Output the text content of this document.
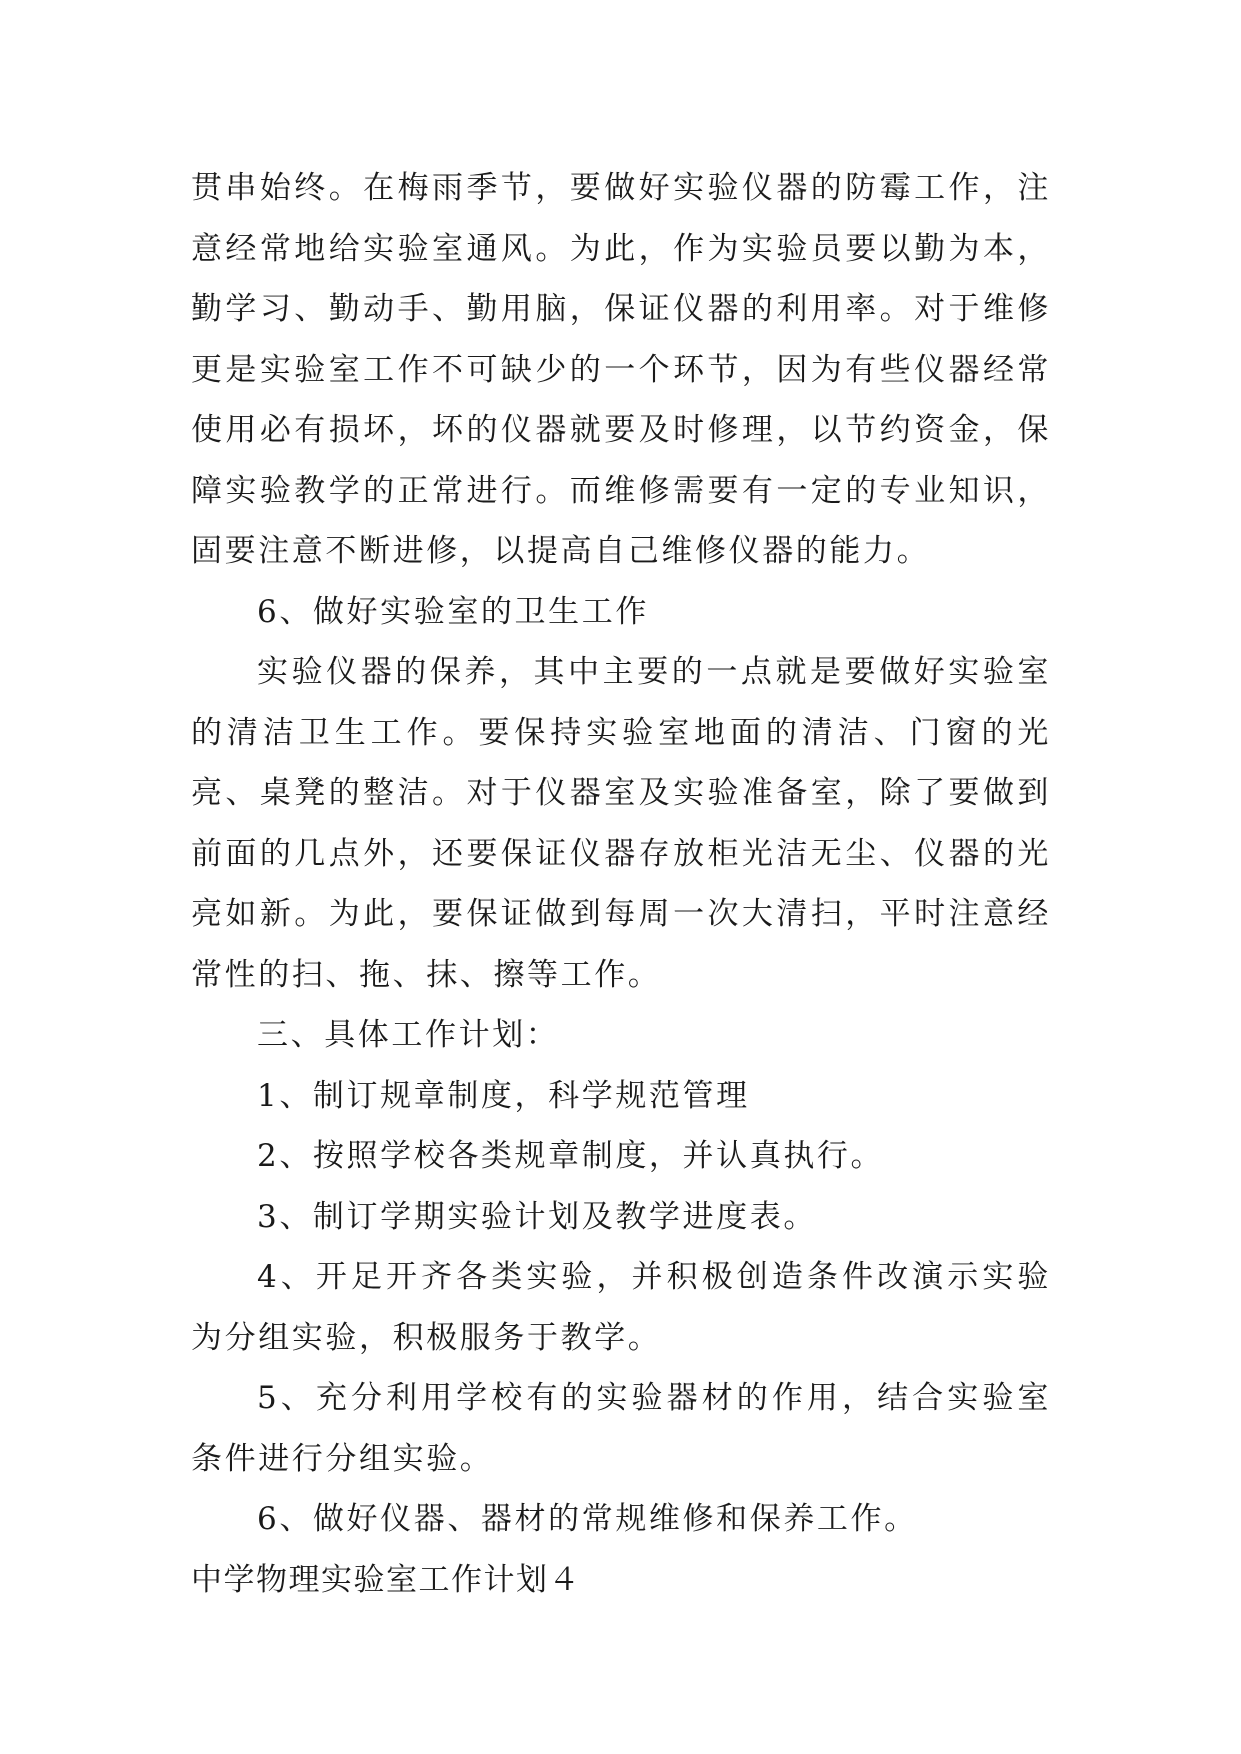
贯串始终。在梅雨季节，要做好实验仪器的防霉工作，注意经常地给实验室通风。为此，作为实验员要以勤为本，勤学习、勤动手、勤用脑，保证仪器的利用率。对于维修更是实验室工作不可缺少的一个环节，因为有些仪器经常使用必有损坏，坏的仪器就要及时修理，以节约资金，保障实验教学的正常进行。而维修需要有一定的专业知识，固要注意不断进修，以提高自己维修仪器的能力。

6、做好实验室的卫生工作

实验仪器的保养，其中主要的一点就是要做好实验室的清洁卫生工作。要保持实验室地面的清洁、门窗的光亮、桌凳的整洁。对于仪器室及实验准备室，除了要做到前面的几点外，还要保证仪器存放柜光洁无尘、仪器的光亮如新。为此，要保证做到每周一次大清扫，平时注意经常性的扫、拖、抹、擦等工作。

三、具体工作计划：

1、制订规章制度，科学规范管理

2、按照学校各类规章制度，并认真执行。

3、制订学期实验计划及教学进度表。

4、开足开齐各类实验，并积极创造条件改演示实验为分组实验，积极服务于教学。

5、充分利用学校有的实验器材的作用，结合实验室条件进行分组实验。

6、做好仪器、器材的常规维修和保养工作。

中学物理实验室工作计划４
